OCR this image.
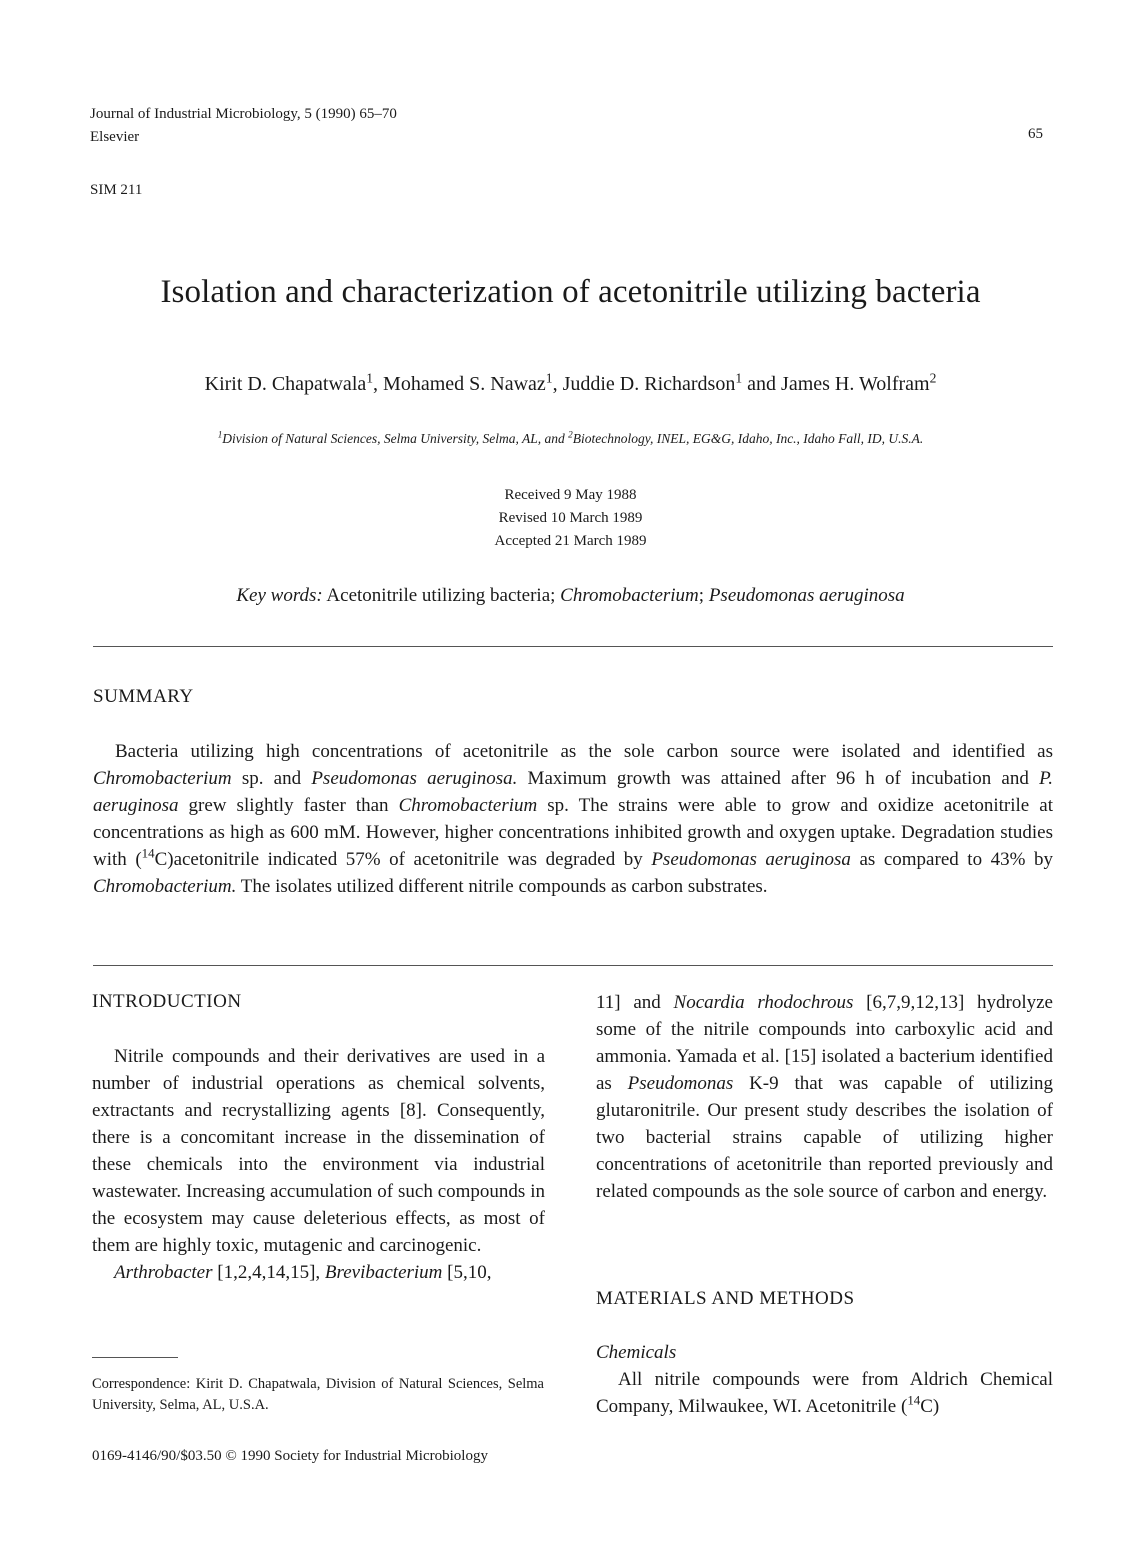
Journal of Industrial Microbiology, 5 (1990) 65–70
Elsevier	65
SIM 211
Isolation and characterization of acetonitrile utilizing bacteria
Kirit D. Chapatwala$^1$, Mohamed S. Nawaz$^1$, Juddie D. Richardson$^1$ and James H. Wolfram$^2$
$^1$Division of Natural Sciences, Selma University, Selma, AL, and $^2$Biotechnology, INEL, EG&G, Idaho, Inc., Idaho Fall, ID, U.S.A.
Received 9 May 1988
Revised 10 March 1989
Accepted 21 March 1989
Key words: Acetonitrile utilizing bacteria; Chromobacterium; Pseudomonas aeruginosa
SUMMARY
Bacteria utilizing high concentrations of acetonitrile as the sole carbon source were isolated and identified as Chromobacterium sp. and Pseudomonas aeruginosa. Maximum growth was attained after 96 h of incubation and P. aeruginosa grew slightly faster than Chromobacterium sp. The strains were able to grow and oxidize acetonitrile at concentrations as high as 600 mM. However, higher concentrations inhibited growth and oxygen uptake. Degradation studies with ($^{14}$C)acetonitrile indicated 57% of acetonitrile was degraded by Pseudomonas aeruginosa as compared to 43% by Chromobacterium. The isolates utilized different nitrile compounds as carbon substrates.
INTRODUCTION

Nitrile compounds and their derivatives are used in a number of industrial operations as chemical solvents, extractants and recrystallizing agents [8]. Consequently, there is a concomitant increase in the dissemination of these chemicals into the environment via industrial wastewater. Increasing accumulation of such compounds in the ecosystem may cause deleterious effects, as most of them are highly toxic, mutagenic and carcinogenic.

Arthrobacter [1,2,4,14,15], Brevibacterium [5,10,

11] and Nocardia rhodochrous [6,7,9,12,13] hydrolyze some of the nitrile compounds into carboxylic acid and ammonia. Yamada et al. [15] isolated a bacterium identified as Pseudomonas K-9 that was capable of utilizing glutaronitrile. Our present study describes the isolation of two bacterial strains capable of utilizing higher concentrations of acetonitrile than reported previously and related compounds as the sole source of carbon and energy.
MATERIALS AND METHODS
Chemicals
All nitrile compounds were from Aldrich Chemical Company, Milwaukee, WI. Acetonitrile ($^{14}$C)
Correspondence: Kirit D. Chapatwala, Division of Natural Sciences, Selma University, Selma, AL, U.S.A.
0169-4146/90/$03.50 © 1990 Society for Industrial Microbiology
